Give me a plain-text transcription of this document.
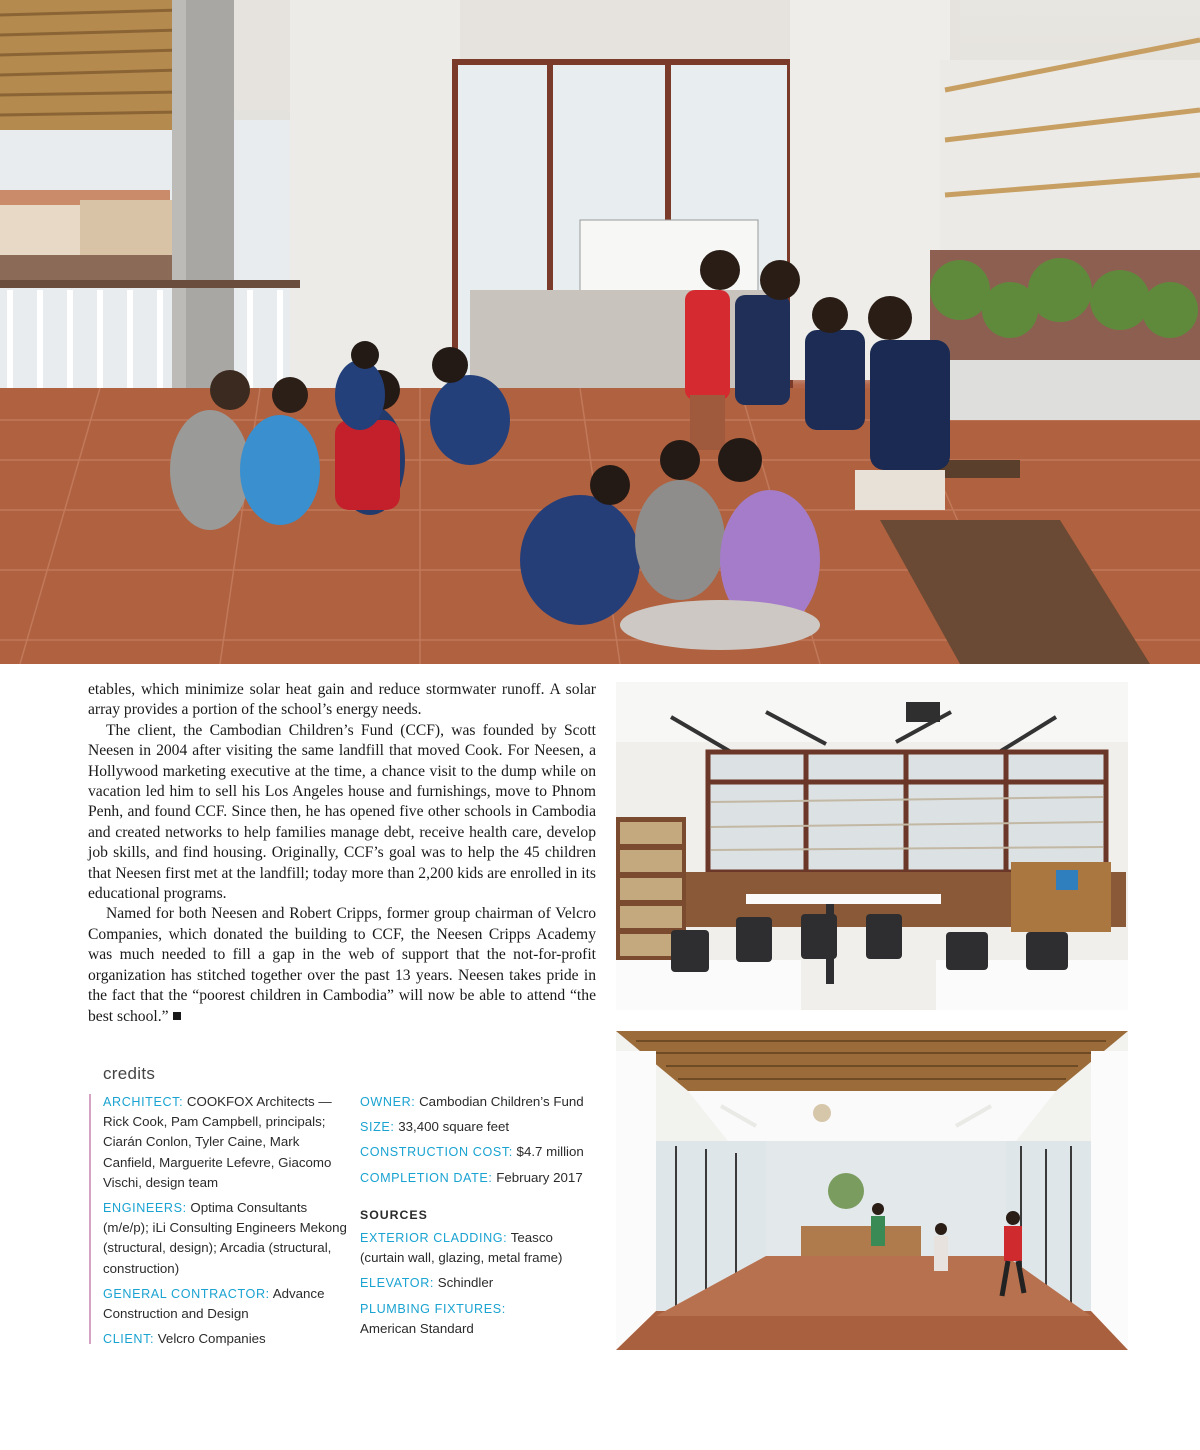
etables, which minimize solar heat gain and reduce stormwater runoff. A solar array provides a portion of the school’s energy needs.

The client, the Cambodian Children’s Fund (CCF), was founded by Scott Neesen in 2004 after visiting the same landfill that moved Cook. For Neesen, a Hollywood marketing executive at the time, a chance visit to the dump while on vacation led him to sell his Los Angeles house and furnishings, move to Phnom Penh, and found CCF. Since then, he has opened five other schools in Cambodia and created networks to help families manage debt, receive health care, develop job skills, and find housing. Originally, CCF’s goal was to help the 45 children that Neesen first met at the landfill; today more than 2,200 kids are enrolled in its educational programs.

Named for both Neesen and Robert Cripps, former group chairman of Velcro Companies, which donated the building to CCF, the Neesen Cripps Academy was much needed to fill a gap in the web of support that the not-for-profit organization has stitched together over the past 13 years. Neesen takes pride in the fact that the “poorest children in Cambodia” will now be able to attend “the best school.”

credits
ARCHITECT: COOKFOX Architects — Rick Cook, Pam Campbell, principals; Ciarán Conlon, Tyler Caine, Mark Canfield, Marguerite Lefevre, Giacomo Vischi, design team
ENGINEERS: Optima Consultants (m/e/p); iLi Consulting Engineers Mekong (structural, design); Arcadia (structural, construction)
GENERAL CONTRACTOR: Advance Construction and Design
CLIENT: Velcro Companies
OWNER: Cambodian Children’s Fund
SIZE: 33,400 square feet
CONSTRUCTION COST: $4.7 million
COMPLETION DATE: February 2017
SOURCES
EXTERIOR CLADDING: Teasco (curtain wall, glazing, metal frame)
ELEVATOR: Schindler
PLUMBING FIXTURES:
American Standard
